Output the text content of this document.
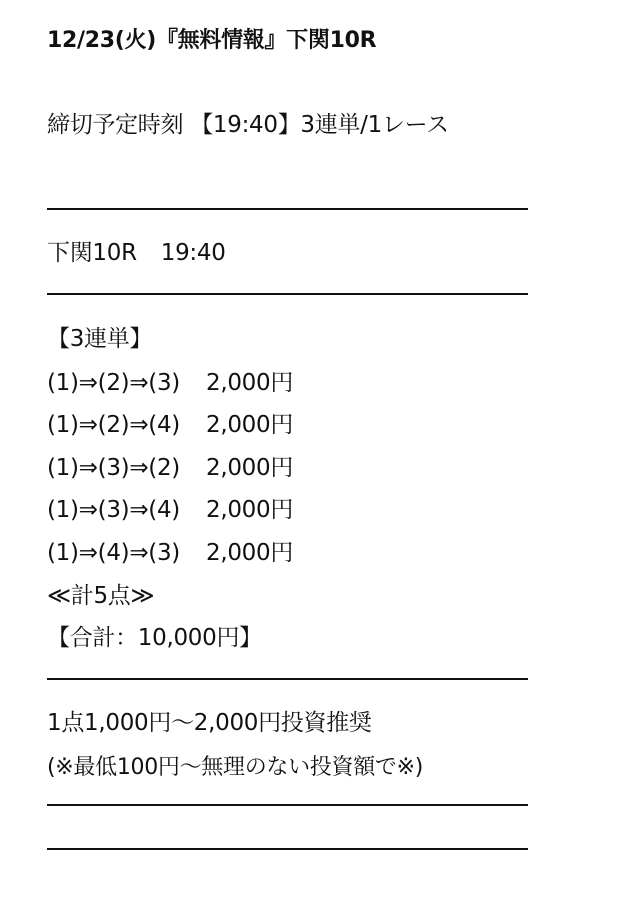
12/23(火)『無料情報』下関10R
締切予定時刻 【19:40】3連単/1レース
下関10R 19:40
【3連単】
(1)⇒(2)⇒(3) 2,000円
(1)⇒(2)⇒(4) 2,000円
(1)⇒(3)⇒(2) 2,000円
(1)⇒(3)⇒(4) 2,000円
(1)⇒(4)⇒(3) 2,000円
≪計5点≫
【合計：10,000円】
1点1,000円〜2,000円投資推奨
(※最低100円〜無理のない投資額で※)
